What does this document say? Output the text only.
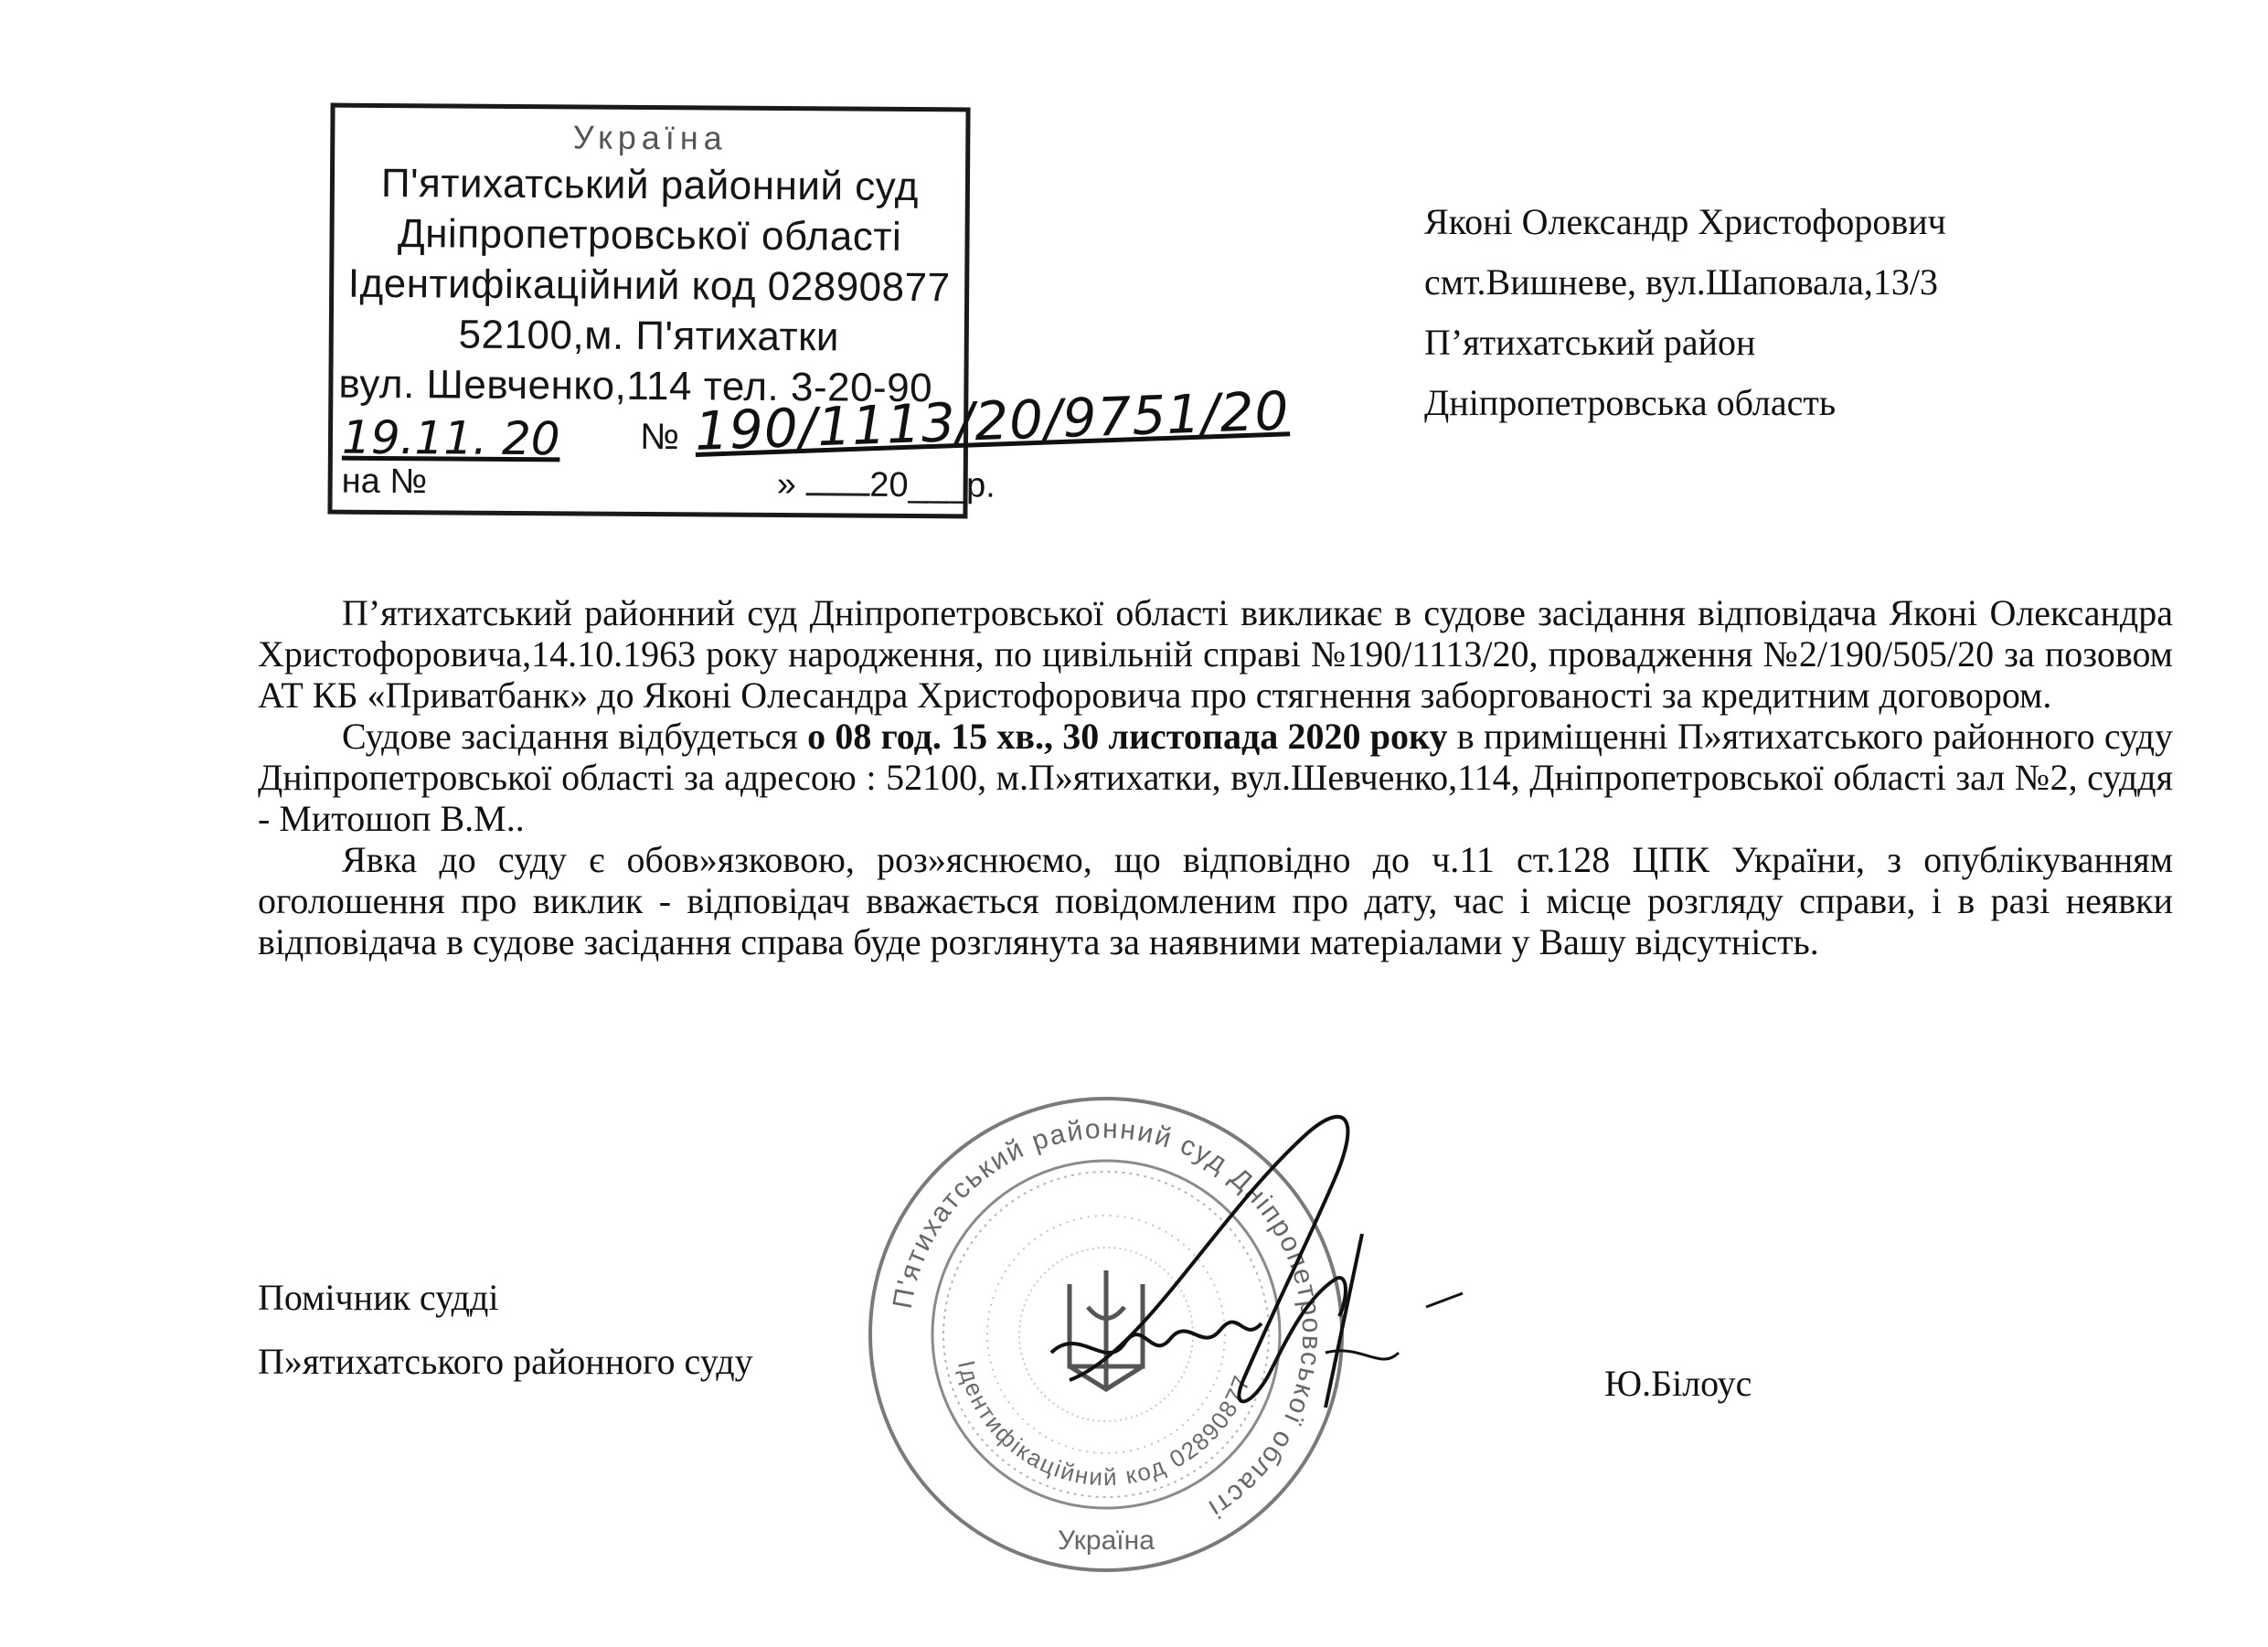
Україна
П'ятихатський районний суд
Дніпропетровської області
Ідентифікаційний код 02890877
52100,м. П'ятихатки
вул. Шевченко,114 тел. 3-20-90
19.11. 20 №
на №	» 20___р.
190/1113/20/9751/20
Яконі Олександр Христофорович
смт.Вишневе, вул.Шаповала,13/3
П’ятихатський район
Дніпропетровська область

П’ятихатський районний суд Дніпропетровської області викликає в судове засідання відповідача Яконі Олександра Христофоровича,14.10.1963 року народження, по цивільній справі №190/1113/20, провадження №2/190/505/20 за позовом АТ КБ «Приватбанк» до Яконі Олесандра Христофоровича про стягнення заборгованості за кредитним договором.

Судове засідання відбудеться о 08 год. 15 хв., 30 листопада 2020 року в приміщенні П»ятихатського районного суду Дніпропетровської області за адресою : 52100, м.П»ятихатки, вул.Шевченко,114, Дніпропетровської області зал №2, суддя - Митошоп В.М..

Явка до суду є обов»язковою, роз»яснюємо, що відповідно до ч.11 ст.128 ЦПК України, з опублікуванням оголошення про виклик - відповідач вважається повідомленим про дату, час і місце розгляду справи, і в разі неявки відповідача в судове засідання справа буде розглянута за наявними матеріалами у Вашу відсутність.

Помічник судді
П»ятихатського районного суду
Ю.Білоус
П'ятихатський районний суд Дніпропетровської області
Ідентифікаційний код 02890877
Україна
